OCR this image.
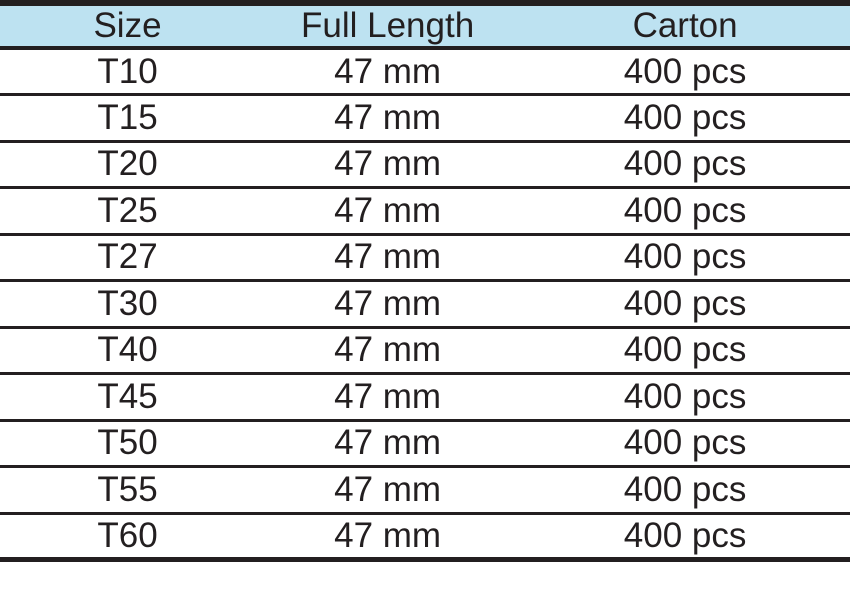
Size	Full Length	Carton
T10	47 mm	400 pcs
T15	47 mm	400 pcs
T20	47 mm	400 pcs
T25	47 mm	400 pcs
T27	47 mm	400 pcs
T30	47 mm	400 pcs
T40	47 mm	400 pcs
T45	47 mm	400 pcs
T50	47 mm	400 pcs
T55	47 mm	400 pcs
T60	47 mm	400 pcs
